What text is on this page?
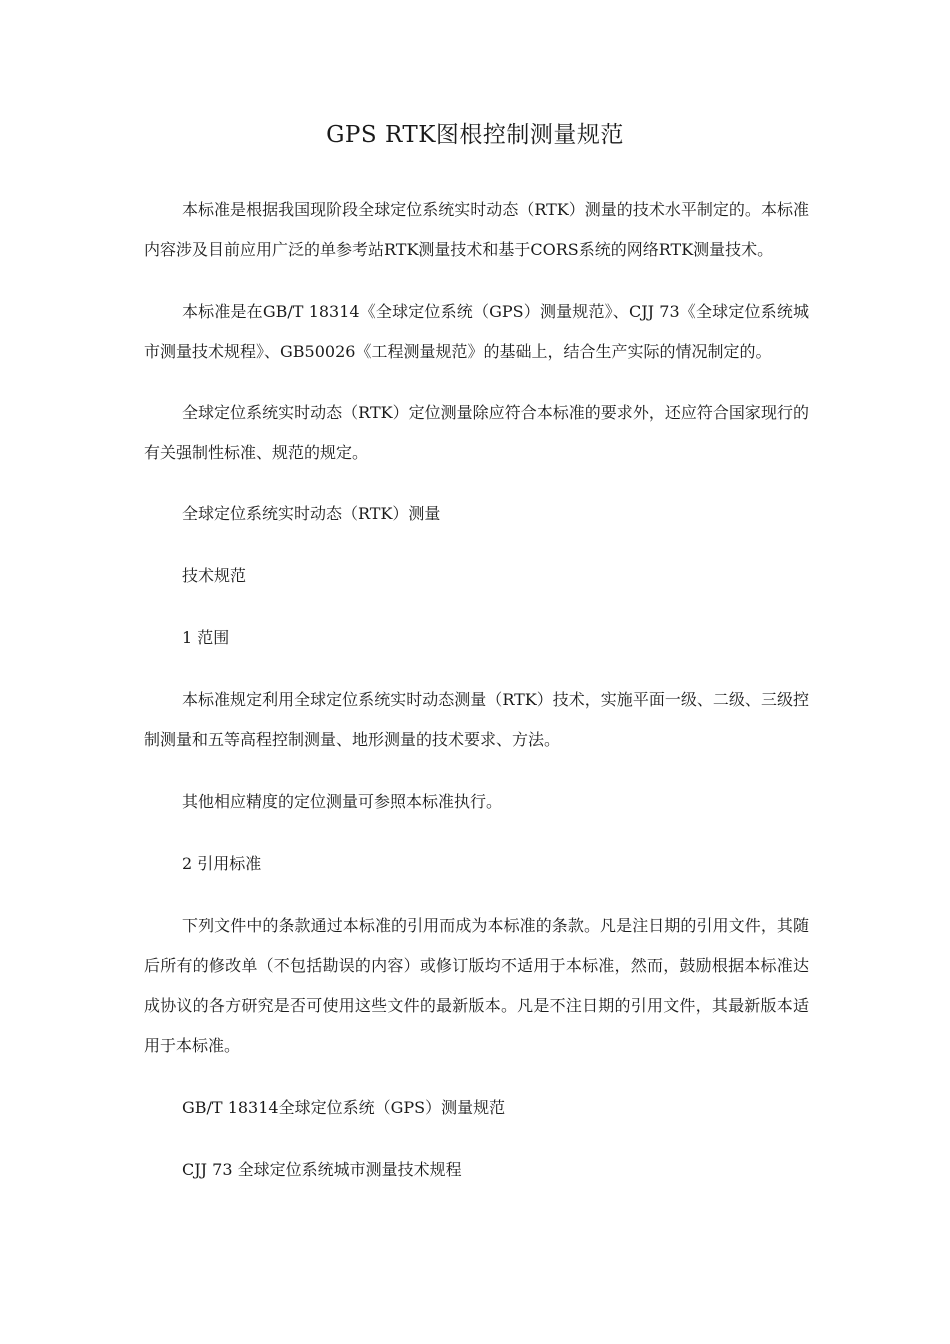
GPS RTK图根控制测量规范

本标准是根据我国现阶段全球定位系统实时动态（RTK）测量的技术水平制定的。本标准内容涉及目前应用广泛的单参考站RTK测量技术和基于CORS系统的网络RTK测量技术。

本标准是在GB/T 18314《全球定位系统（GPS）测量规范》、CJJ 73《全球定位系统城市测量技术规程》、GB50026《工程测量规范》的基础上，结合生产实际的情况制定的。

全球定位系统实时动态（RTK）定位测量除应符合本标准的要求外，还应符合国家现行的有关强制性标准、规范的规定。

全球定位系统实时动态（RTK）测量

技术规范

1 范围

本标准规定利用全球定位系统实时动态测量（RTK）技术，实施平面一级、二级、三级控制测量和五等高程控制测量、地形测量的技术要求、方法。

其他相应精度的定位测量可参照本标准执行。

2 引用标准

下列文件中的条款通过本标准的引用而成为本标准的条款。凡是注日期的引用文件，其随后所有的修改单（不包括勘误的内容）或修订版均不适用于本标准，然而，鼓励根据本标准达成协议的各方研究是否可使用这些文件的最新版本。凡是不注日期的引用文件，其最新版本适用于本标准。

GB/T 18314全球定位系统（GPS）测量规范

CJJ 73 全球定位系统城市测量技术规程
